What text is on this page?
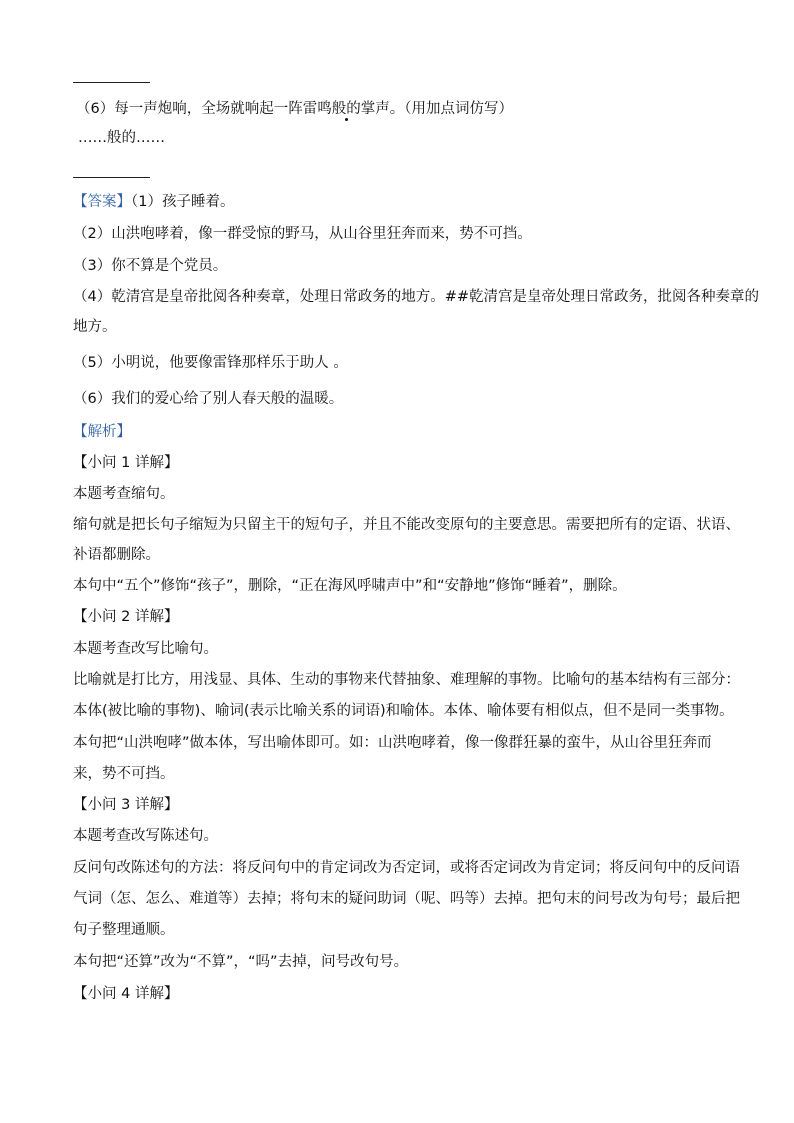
（6）每一声炮响，全场就响起一阵雷鸣般的掌声。（用加点词仿写）
……般的……
【答案】（1）孩子睡着。
（2）山洪咆哮着，像一群受惊的野马，从山谷里狂奔而来，势不可挡。
（3）你不算是个党员。
（4）乾清宫是皇帝批阅各种奏章，处理日常政务的地方。##乾清宫是皇帝处理日常政务，批阅各种奏章的
地方。
（5）小明说，他要像雷锋那样乐于助人 。
（6）我们的爱心给了别人春天般的温暖。
【解析】
【小问 1 详解】
本题考查缩句。
缩句就是把长句子缩短为只留主干的短句子，并且不能改变原句的主要意思。需要把所有的定语、状语、
补语都删除。
本句中“五个”修饰“孩子”，删除，“正在海风呼啸声中”和“安静地”修饰“睡着”，删除。
【小问 2 详解】
本题考查改写比喻句。
比喻就是打比方，用浅显、具体、生动的事物来代替抽象、难理解的事物。比喻句的基本结构有三部分：
本体(被比喻的事物)、喻词(表示比喻关系的词语)和喻体。本体、喻体要有相似点，但不是同一类事物。
本句把“山洪咆哮”做本体，写出喻体即可。如：山洪咆哮着，像一像群狂暴的蛮牛，从山谷里狂奔而
来，势不可挡。
【小问 3 详解】
本题考查改写陈述句。
反问句改陈述句的方法：将反问句中的肯定词改为否定词，或将否定词改为肯定词；将反问句中的反问语
气词（怎、怎么、难道等）去掉；将句末的疑问助词（呢、吗等）去掉。把句末的问号改为句号；最后把
句子整理通顺。
本句把“还算”改为“不算”，“吗”去掉，问号改句号。
【小问 4 详解】
